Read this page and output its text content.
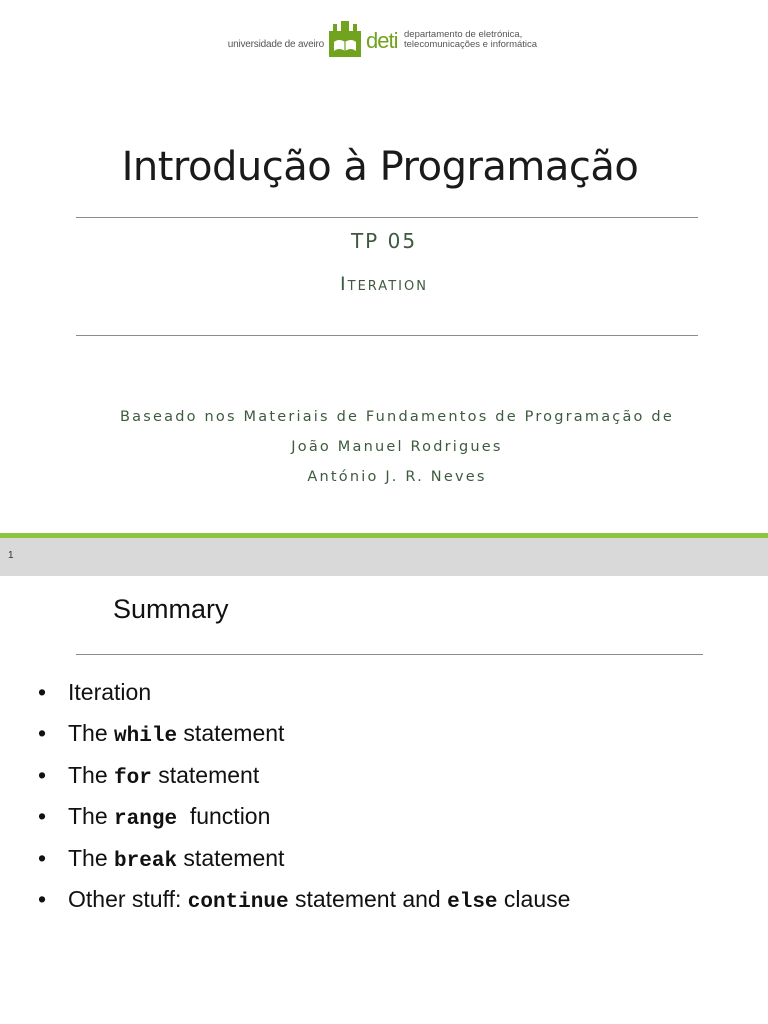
universidade de aveiro deti departamento de eletrónica,
telecomunicações e informática
Introdução à Programação
TP 05
Iteration
Baseado nos Materiais de Fundamentos de Programação de
João Manuel Rodrigues
António J. R. Neves
1
Summary
• Iteration
• The while statement
• The for statement
• The range  function
• The break statement
• Other stuff: continue statement and else clause
